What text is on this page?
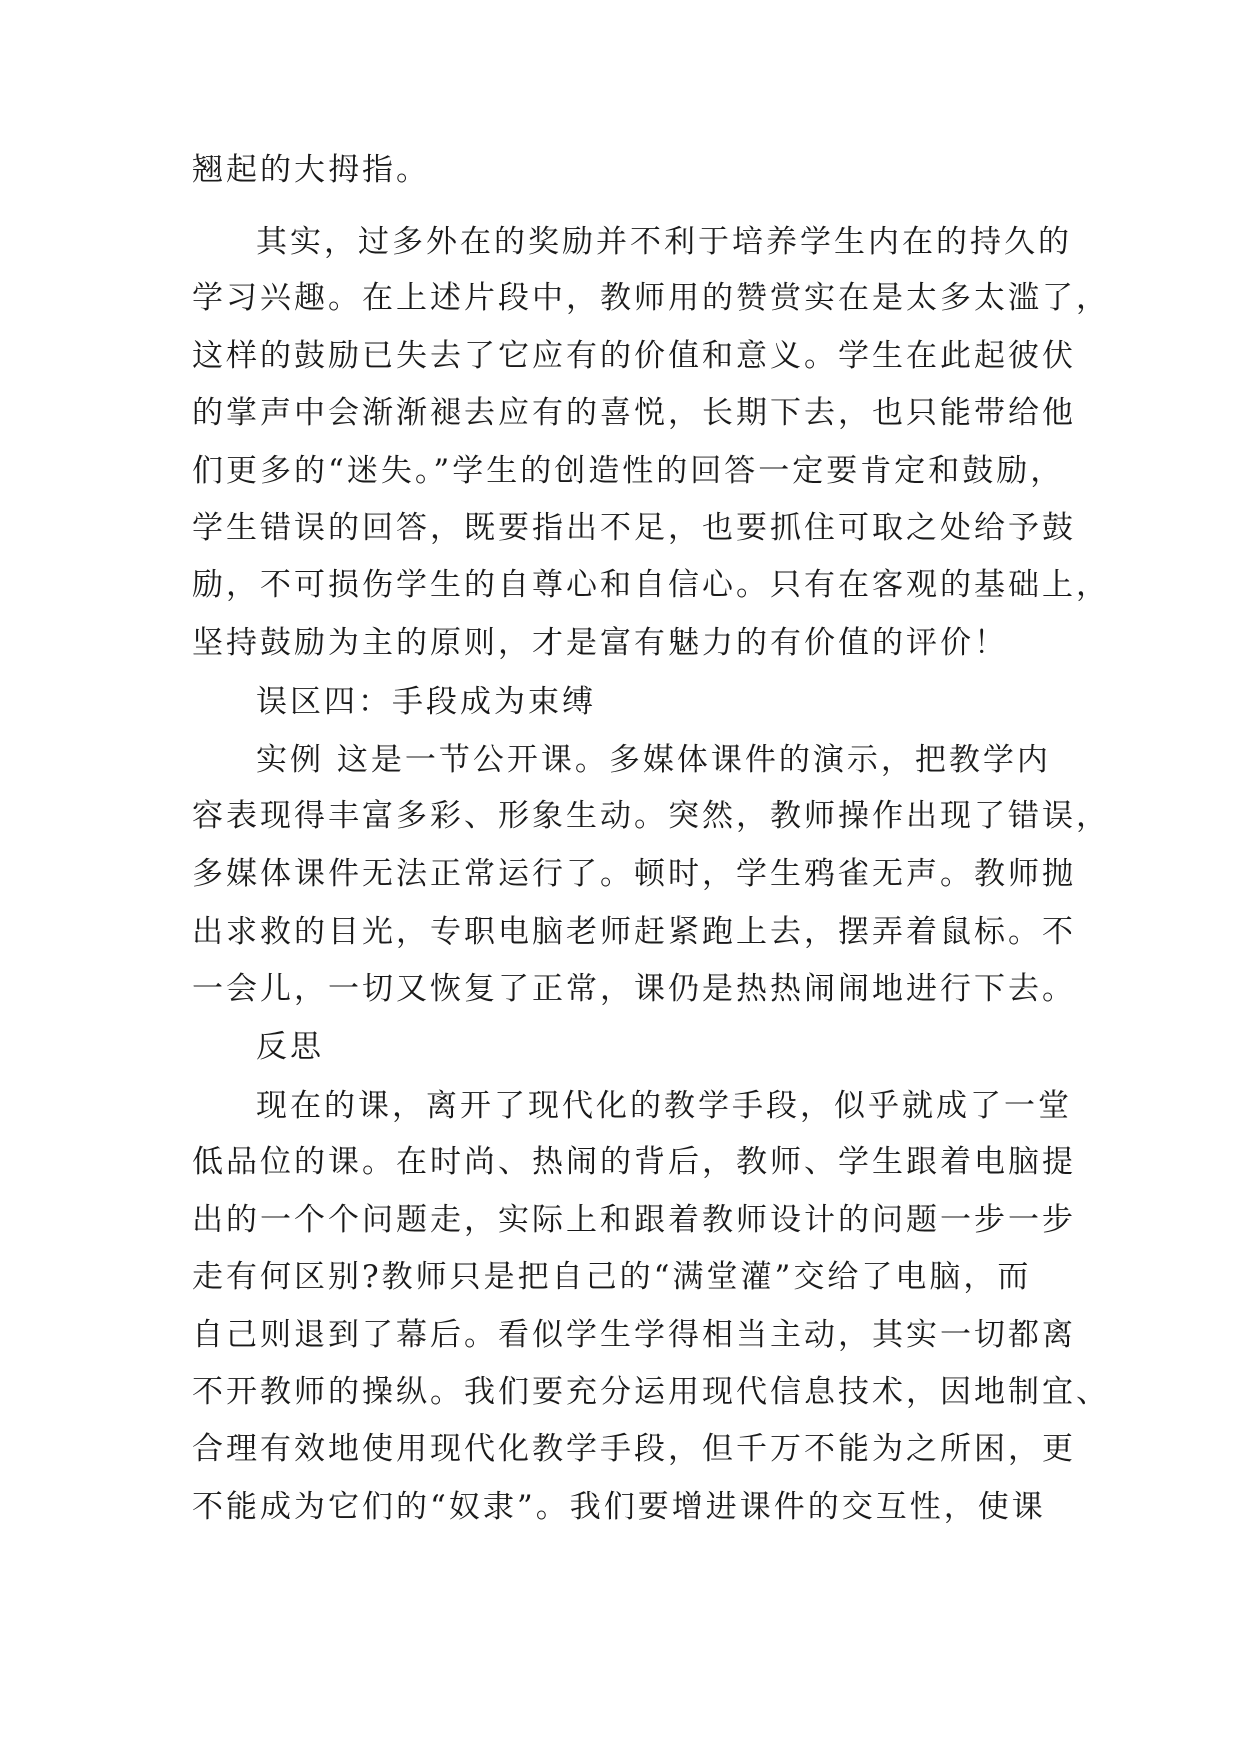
翘起的大拇指。

其实，过多外在的奖励并不利于培养学生内在的持久的

学习兴趣。在上述片段中，教师用的赞赏实在是太多太滥了，

这样的鼓励已失去了它应有的价值和意义。学生在此起彼伏

的掌声中会渐渐褪去应有的喜悦，长期下去，也只能带给他

们更多的“迷失。”学生的创造性的回答一定要肯定和鼓励，

学生错误的回答，既要指出不足，也要抓住可取之处给予鼓

励，不可损伤学生的自尊心和自信心。只有在客观的基础上，

坚持鼓励为主的原则，才是富有魅力的有价值的评价！

误区四：手段成为束缚

实例 这是一节公开课。多媒体课件的演示，把教学内

容表现得丰富多彩、形象生动。突然，教师操作出现了错误，

多媒体课件无法正常运行了。顿时，学生鸦雀无声。教师抛

出求救的目光，专职电脑老师赶紧跑上去，摆弄着鼠标。不

一会儿，一切又恢复了正常，课仍是热热闹闹地进行下去。

反思

现在的课，离开了现代化的教学手段，似乎就成了一堂

低品位的课。在时尚、热闹的背后，教师、学生跟着电脑提

出的一个个问题走，实际上和跟着教师设计的问题一步一步

走有何区别?教师只是把自己的“满堂灌”交给了电脑，而

自己则退到了幕后。看似学生学得相当主动，其实一切都离

不开教师的操纵。我们要充分运用现代信息技术，因地制宜、

合理有效地使用现代化教学手段，但千万不能为之所困，更

不能成为它们的“奴隶”。我们要增进课件的交互性，使课
